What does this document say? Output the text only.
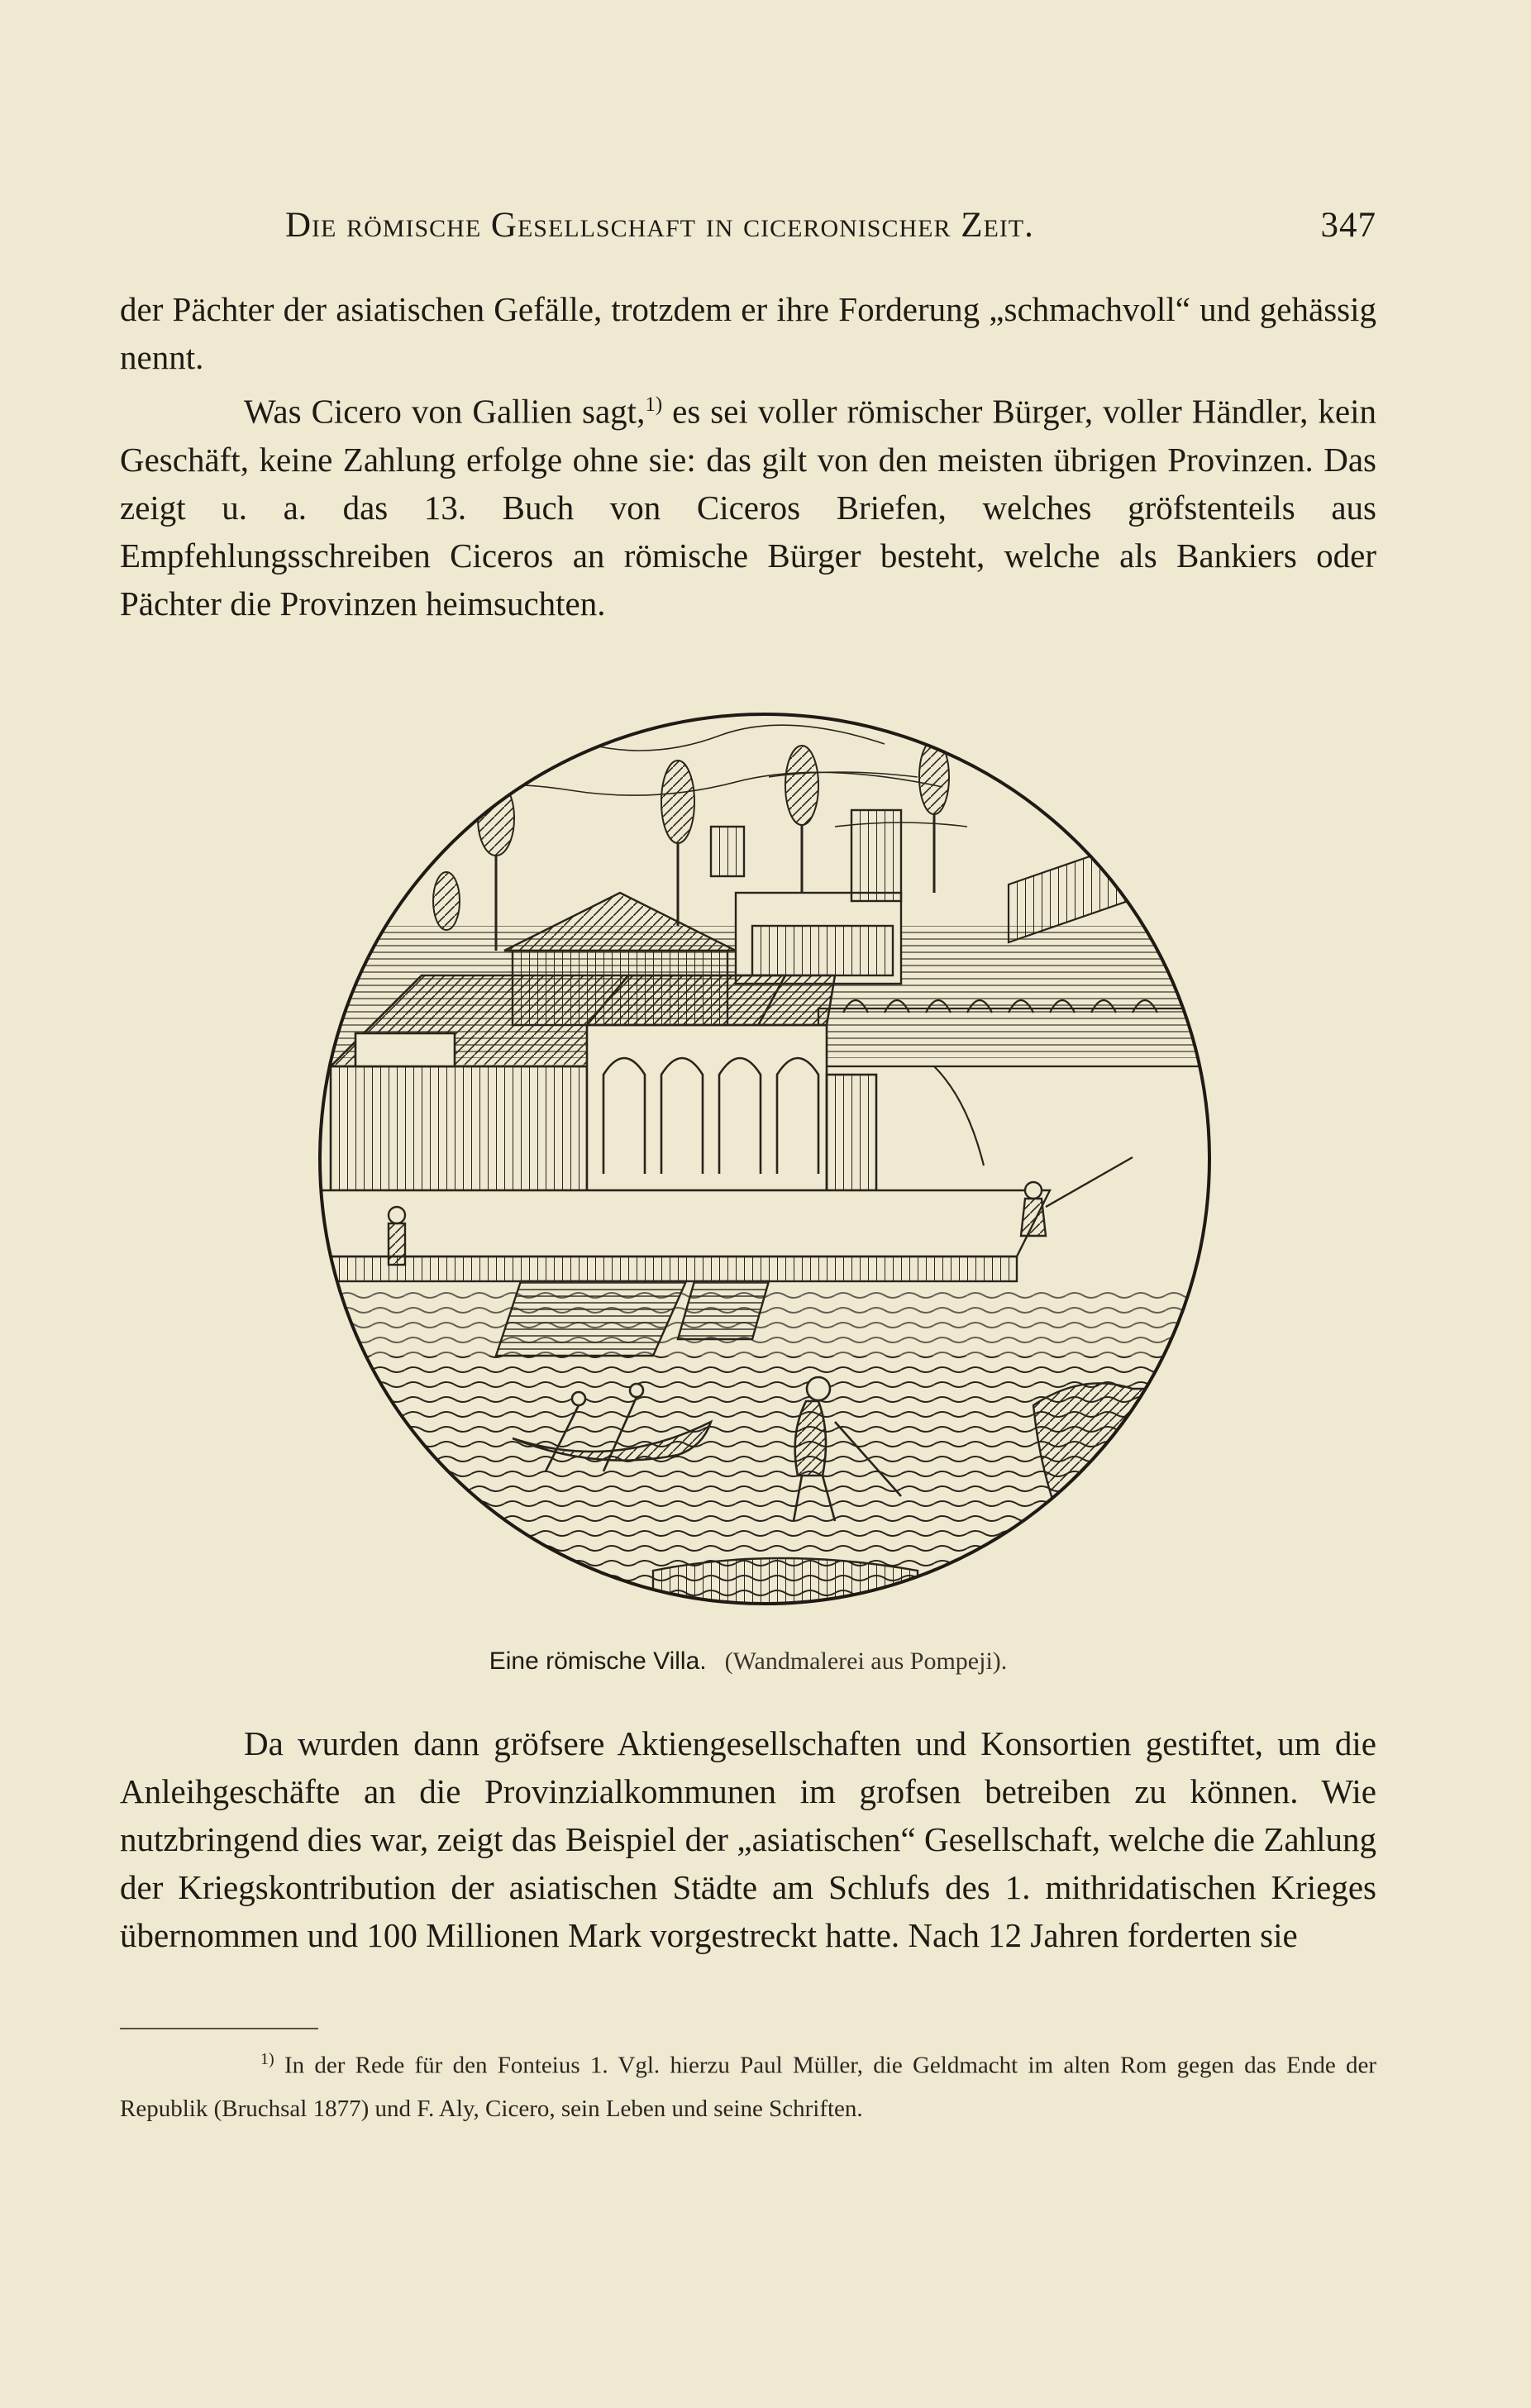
Die römische Gesellschaft in ciceronischer Zeit.	347

der Pächter der asiatischen Gefälle, trotzdem er ihre Forderung „schmachvoll“ und gehässig nennt.

Was Cicero von Gallien sagt,$^{1)}$ es sei voller römischer Bürger, voller Händler, kein Geschäft, keine Zahlung erfolge ohne sie: das gilt von den meisten übrigen Provinzen. Das zeigt u. a. das 13. Buch von Ciceros Briefen, welches gröfstenteils aus Empfehlungsschreiben Ciceros an römische Bürger besteht, welche als Bankiers oder Pächter die Provinzen heimsuchten.

Eine römische Villa. (Wandmalerei aus Pompeji).

Da wurden dann gröfsere Aktiengesellschaften und Konsortien gestiftet, um die Anleihgeschäfte an die Provinzialkommunen im grofsen betreiben zu können. Wie nutzbringend dies war, zeigt das Beispiel der „asiatischen“ Gesellschaft, welche die Zahlung der Kriegskontribution der asiatischen Städte am Schlufs des 1. mithridatischen Krieges übernommen und 100 Millionen Mark vorgestreckt hatte. Nach 12 Jahren forderten sie

$^{1)}$ In der Rede für den Fonteius 1. Vgl. hierzu Paul Müller, die Geldmacht im alten Rom gegen das Ende der Republik (Bruchsal 1877) und F. Aly, Cicero, sein Leben und seine Schriften.
